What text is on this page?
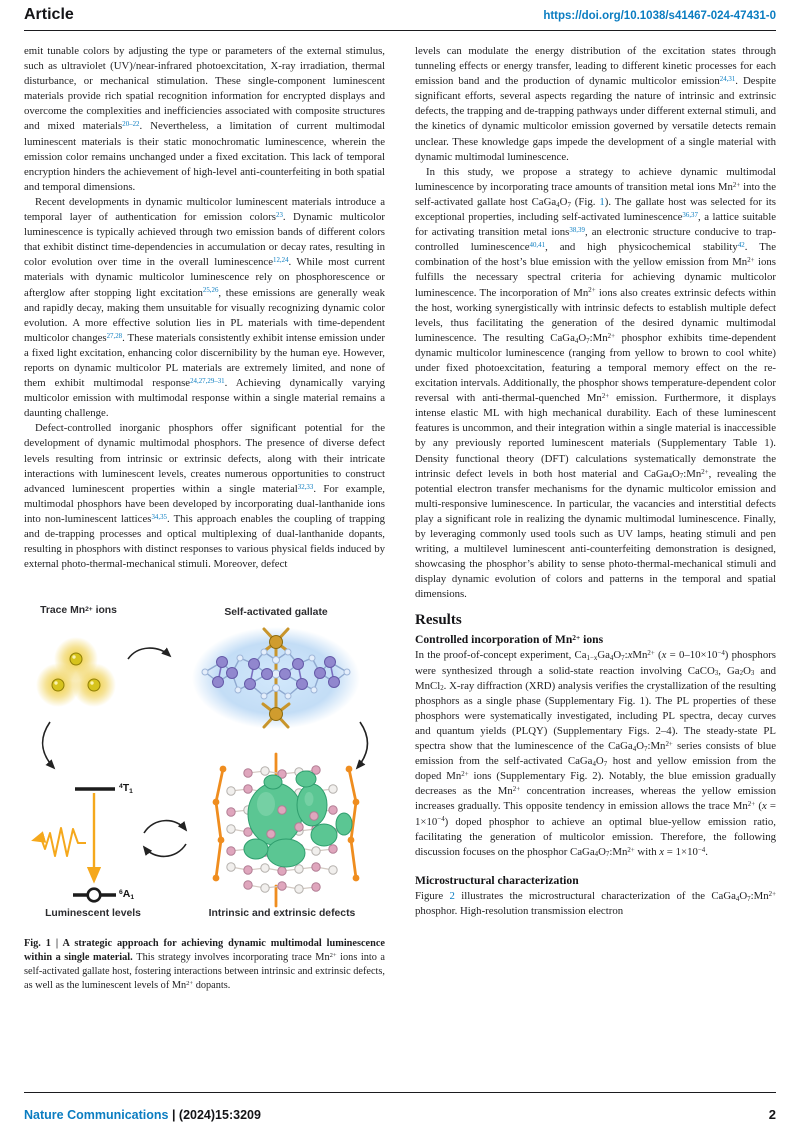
Article	https://doi.org/10.1038/s41467-024-47431-0

emit tunable colors by adjusting the type or parameters of the external stimulus, such as ultraviolet (UV)/near-infrared photoexcitation, X-ray irradiation, thermal disturbance, or mechanical stimulation. These single-component luminescent materials provide rich spatial recognition information for encrypted displays and overcome the complexities and inefficiencies associated with composite structures and mixed materials$^{20-22}$. Nevertheless, a limitation of current multimodal luminescent materials is their static monochromatic luminescence, wherein the emission color remains unchanged under a fixed excitation. This lack of temporal encryption hinders the achievement of high-level anti-counterfeiting in both spatial and temporal dimensions.

Recent developments in dynamic multicolor luminescent materials introduce a temporal layer of authentication for emission colors$^{23}$. Dynamic multicolor luminescence is typically achieved through two emission bands of different colors that exhibit distinct time-dependencies in accumulation or decay rates, resulting in color evolution over time in the overall luminescence$^{12,24}$. While most current materials with dynamic multicolor luminescence rely on phosphorescence or afterglow after stopping light excitation$^{25,26}$, these emissions are generally weak and rapidly decay, making them unsuitable for visually recognizing dynamic color evolution. A more effective solution lies in PL materials with time-dependent multicolor changes$^{27,28}$. These materials consistently exhibit intense emission under a fixed light excitation, enhancing color discernibility by the human eye. However, reports on dynamic multicolor PL materials are extremely limited, and none of them exhibit multimodal response$^{24,27,29-31}$. Achieving dynamically varying multicolor emission with multimodal response within a single material remains a daunting challenge.

Defect-controlled inorganic phosphors offer significant potential for the development of dynamic multimodal phosphors. The presence of diverse defect levels resulting from intrinsic or extrinsic defects, along with their intricate interactions with luminescent levels, creates numerous opportunities to construct advanced luminescent properties within a single material$^{32,33}$. For example, multimodal phosphors have been developed by incorporating dual-lanthanide ions into non-luminescent lattices$^{34,35}$. This approach enables the coupling of trapping and de-trapping processes and optical multiplexing of dual-lanthanide dopants, resulting in phosphors with distinct responses to various physical fields induced by external photo-thermal-mechanical stimuli. Moreover, defect

Trace $Mn^{2+}$ ions	Self-activated gallate
$^4$T1
$^6$A1
Luminescent levels	Intrinsic and extrinsic defects
Fig. 1 | A strategic approach for achieving dynamic multimodal luminescence within a single material. This strategy involves incorporating trace $Mn^{2+}$ ions into a self-activated gallate host, fostering interactions between intrinsic and extrinsic defects, as well as the luminescent levels of $Mn^{2+}$ dopants.

levels can modulate the energy distribution of the excitation states through tunneling effects or energy transfer, leading to different kinetic processes for each emission band and the production of dynamic multicolor emission$^{24,31}$. Despite significant efforts, several aspects regarding the nature of intrinsic and extrinsic defects, the trapping and de-trapping pathways under different external stimuli, and the kinetics of dynamic multicolor emission governed by versatile detects remain unclear. These knowledge gaps impede the development of a single material with dynamic multimodal luminescence.

In this study, we propose a strategy to achieve dynamic multimodal luminescence by incorporating trace amounts of transition metal ions $Mn^{2+}$ into the self-activated gallate host CaGa4O7 (Fig. 1). The gallate host was selected for its exceptional properties, including self-activated luminescence$^{36,37}$, a lattice suitable for activating transition metal ions$^{38,39}$, an electronic structure conducive to trap-controlled luminescence$^{40,41}$, and high physicochemical stability$^{42}$. The combination of the host’s blue emission with the yellow emission from $Mn^{2+}$ ions fulfills the necessary spectral criteria for achieving dynamic multicolor luminescence. The incorporation of $Mn^{2+}$ ions also creates extrinsic defects within the host, working synergistically with intrinsic defects to establish multiple defect levels, thus facilitating the generation of the desired dynamic multimodal luminescence. The resulting $CaGa4O7:Mn^{2+}$ phosphor exhibits time-dependent dynamic multicolor luminescence (ranging from yellow to brown to cool white) under fixed photoexcitation, featuring a temporal memory effect on the re-excitation intervals. Additionally, the phosphor shows temperature-dependent color reversal with anti-thermal-quenched $Mn^{2+}$ emission. Furthermore, it displays intense elastic ML with high mechanical durability. Each of these luminescent features is uncommon, and their integration within a single material is inaccessible by any previously reported luminescent materials (Supplementary Table 1). Density functional theory (DFT) calculations systematically demonstrate the intrinsic defect levels in both host material and $CaGa4O7:Mn^{2+}$, revealing the potential electron transfer mechanisms for the dynamic multicolor emission and multi-responsive luminescence. In particular, the vacancies and interstitial defects play a significant role in realizing the dynamic multimodal luminescence. Finally, by leveraging commonly used tools such as UV lamps, heating stimuli and pen writing, a multilevel luminescent anti-counterfeiting demonstration is designed, showcasing the phosphor’s ability to sense photo-thermal-mechanical stimuli and display dynamic evolution of colors and patterns in the temporal and spatial dimensions.

Results
Controlled incorporation of $Mn^{2+}$ ions

In the proof-of-concept experiment, Ca1−xGa4O7:xMn$^{2+}$ $(x = 0-10\times 10^{-4})$ phosphors were synthesized through a solid-state reaction involving CaCO3, Ga2O3 and MnCl2. X-ray diffraction (XRD) analysis verifies the crystallization of the resulting phosphors as a single phase (Supplementary Fig. 1). The PL properties of these phosphors were systematically investigated, including PL spectra, decay curves and quantum yields (PLQY) (Supplementary Figs. 2–4). The steady-state PL spectra show that the luminescence of the $CaGa4O7:Mn^{2+}$ series consists of blue emission from the self-activated CaGa4O7 host and yellow emission from the doped $Mn^{2+}$ ions (Supplementary Fig. 2). Notably, the blue emission gradually decreases as the $Mn^{2+}$ concentration increases, whereas the yellow emission increases gradually. This opposite tendency in emission allows the trace $Mn^{2+}$ $(x = 1\times 10^{-4})$ doped phosphor to achieve an optimal blue-yellow emission ratio, facilitating the generation of multicolor emission. Therefore, the following discussion focuses on the phosphor $CaGa4O7:Mn^{2+}$ with $x = 1\times 10^{-4}$.

Microstructural characterization

Figure 2 illustrates the microstructural characterization of the $CaGa4O7:Mn^{2+}$ phosphor. High-resolution transmission electron

Nature Communications | (2024)15:3209	2
